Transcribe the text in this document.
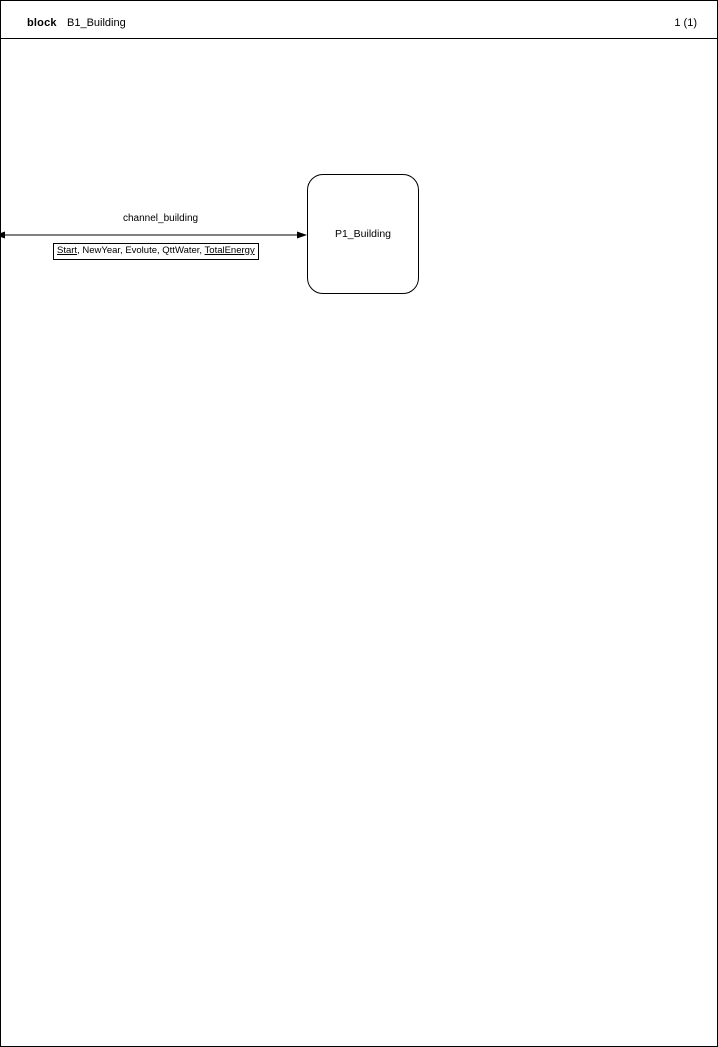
block B1_Building	1 (1)
channel_building
Start, NewYear, Evolute, QttWater, TotalEnergy
P1_Building
